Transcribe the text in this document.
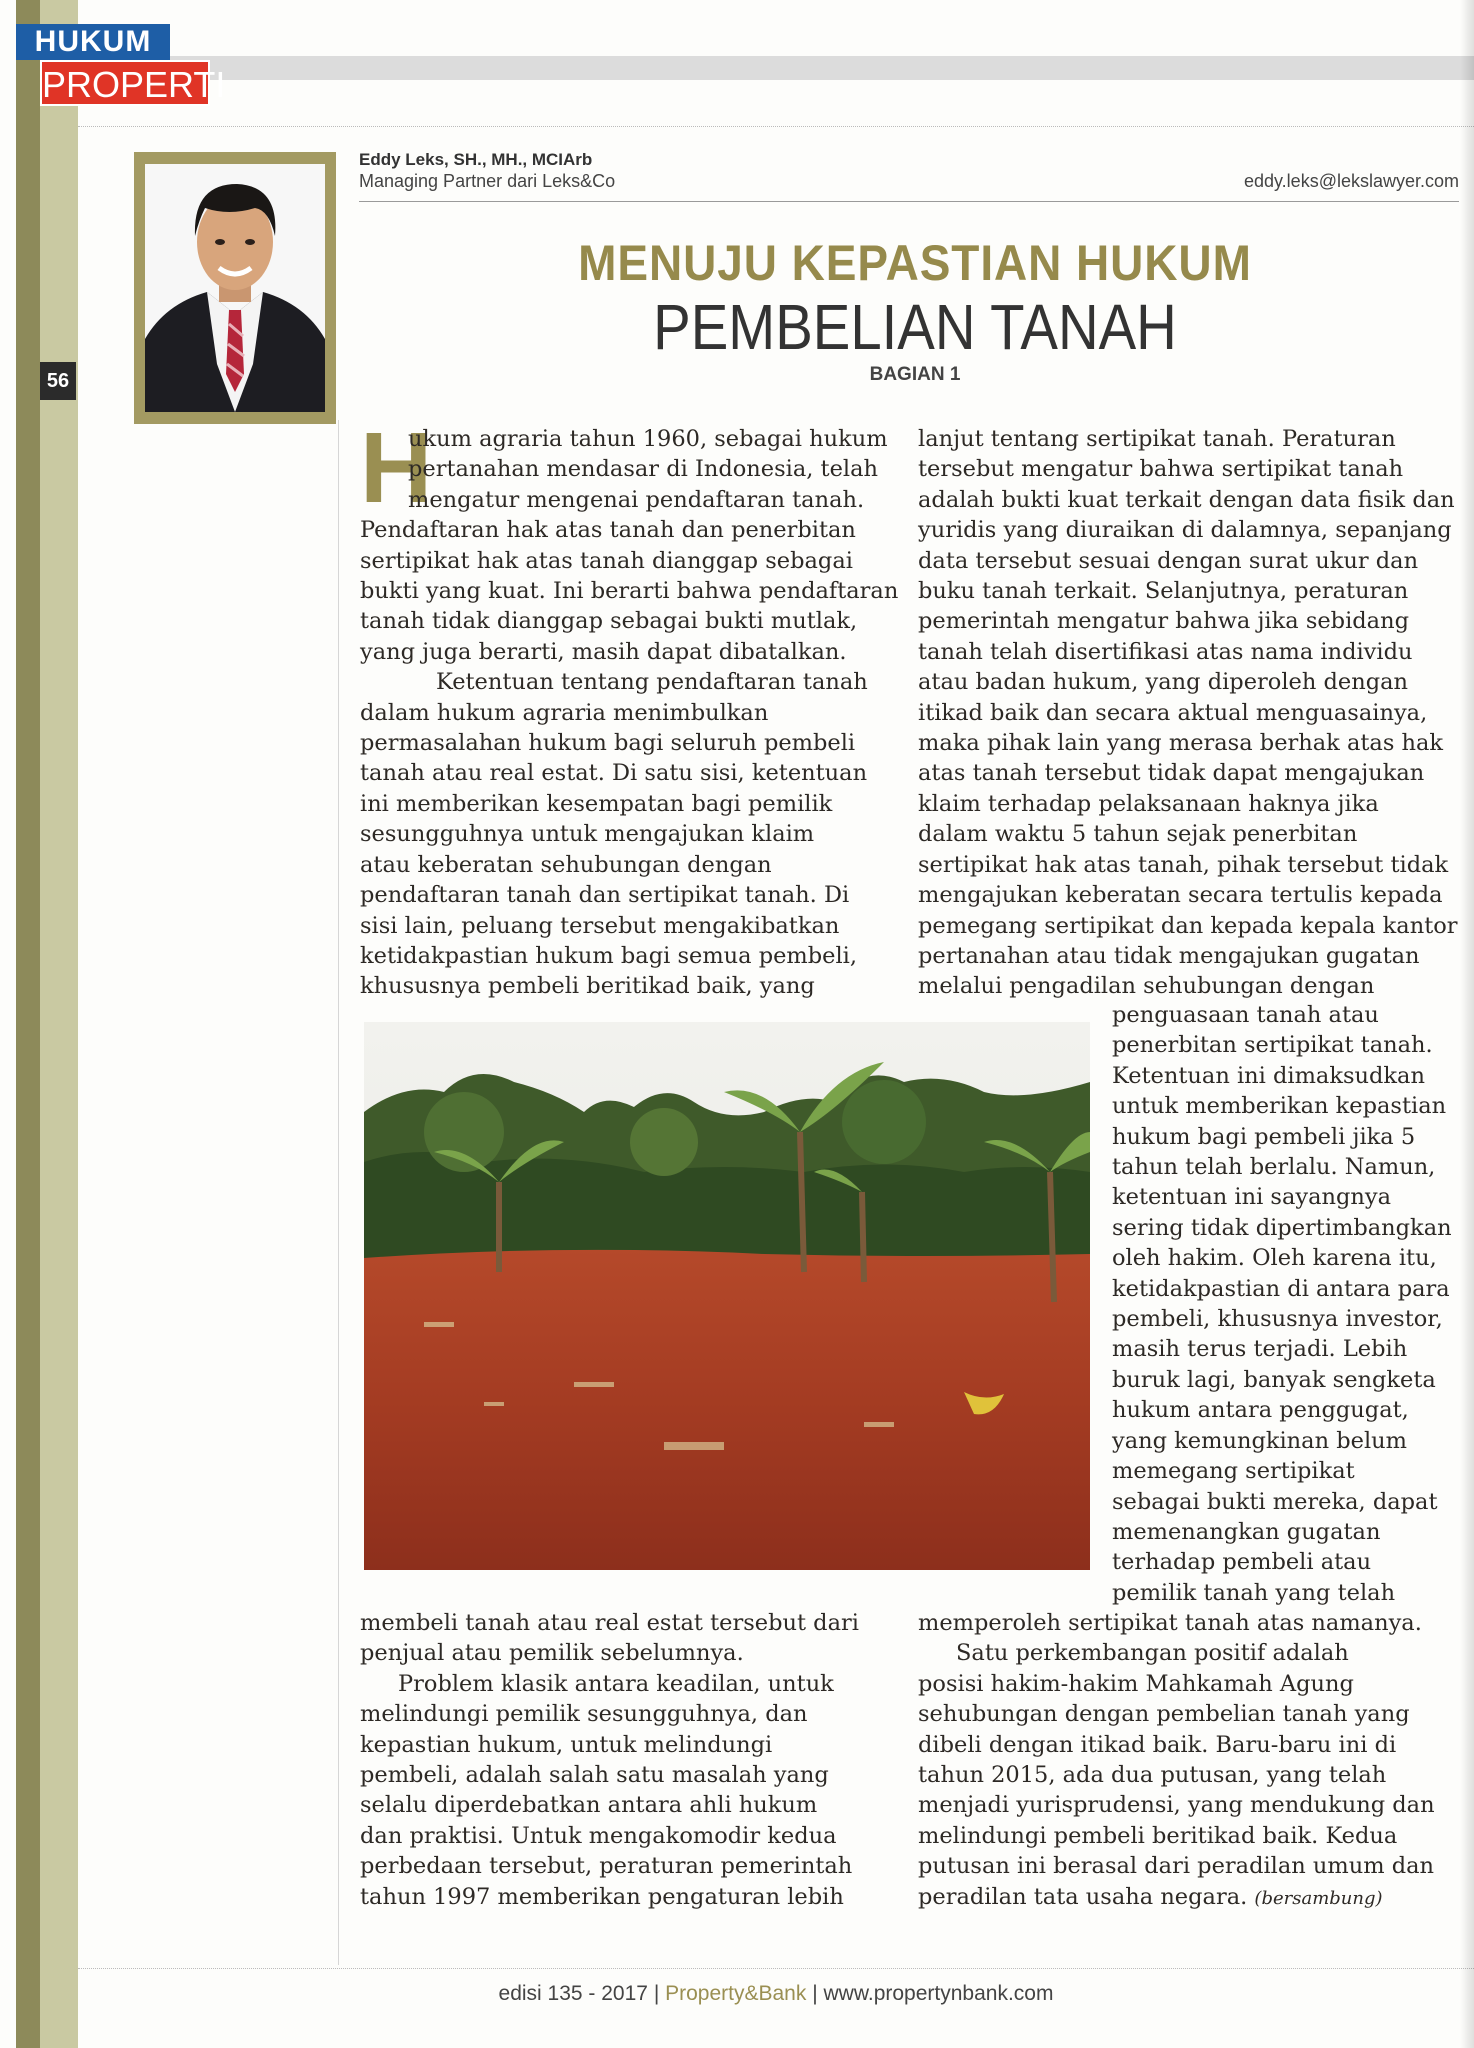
HUKUM
PROPERTI
56
Eddy Leks, SH., MH., MCIArb
Managing Partner dari Leks&Co	eddy.leks@lekslawyer.com
MENUJU KEPASTIAN HUKUM
PEMBELIAN TANAH
BAGIAN 1
H
ukum agraria tahun 1960, sebagai hukum
pertanahan mendasar di Indonesia, telah
mengatur mengenai pendaftaran tanah.
Pendaftaran hak atas tanah dan penerbitan
sertipikat hak atas tanah dianggap sebagai
bukti yang kuat. Ini berarti bahwa pendaftaran
tanah tidak dianggap sebagai bukti mutlak,
yang juga berarti, masih dapat dibatalkan.
Ketentuan tentang pendaftaran tanah
dalam hukum agraria menimbulkan
permasalahan hukum bagi seluruh pembeli
tanah atau real estat. Di satu sisi, ketentuan
ini memberikan kesempatan bagi pemilik
sesungguhnya untuk mengajukan klaim
atau keberatan sehubungan dengan
pendaftaran tanah dan sertipikat tanah. Di
sisi lain, peluang tersebut mengakibatkan
ketidakpastian hukum bagi semua pembeli,
khususnya pembeli beritikad baik, yang
lanjut tentang sertipikat tanah. Peraturan
tersebut mengatur bahwa sertipikat tanah
adalah bukti kuat terkait dengan data fisik dan
yuridis yang diuraikan di dalamnya, sepanjang
data tersebut sesuai dengan surat ukur dan
buku tanah terkait. Selanjutnya, peraturan
pemerintah mengatur bahwa jika sebidang
tanah telah disertifikasi atas nama individu
atau badan hukum, yang diperoleh dengan
itikad baik dan secara aktual menguasainya,
maka pihak lain yang merasa berhak atas hak
atas tanah tersebut tidak dapat mengajukan
klaim terhadap pelaksanaan haknya jika
dalam waktu 5 tahun sejak penerbitan
sertipikat hak atas tanah, pihak tersebut tidak
mengajukan keberatan secara tertulis kepada
pemegang sertipikat dan kepada kepala kantor
pertanahan atau tidak mengajukan gugatan
melalui pengadilan sehubungan dengan
penguasaan tanah atau
penerbitan sertipikat tanah.
Ketentuan ini dimaksudkan
untuk memberikan kepastian
hukum bagi pembeli jika 5
tahun telah berlalu. Namun,
ketentuan ini sayangnya
sering tidak dipertimbangkan
oleh hakim. Oleh karena itu,
ketidakpastian di antara para
pembeli, khususnya investor,
masih terus terjadi. Lebih
buruk lagi, banyak sengketa
hukum antara penggugat,
yang kemungkinan belum
memegang sertipikat
sebagai bukti mereka, dapat
memenangkan gugatan
terhadap pembeli atau
pemilik tanah yang telah
membeli tanah atau real estat tersebut dari
penjual atau pemilik sebelumnya.
Problem klasik antara keadilan, untuk
melindungi pemilik sesungguhnya, dan
kepastian hukum, untuk melindungi
pembeli, adalah salah satu masalah yang
selalu diperdebatkan antara ahli hukum
dan praktisi. Untuk mengakomodir kedua
perbedaan tersebut, peraturan pemerintah
tahun 1997 memberikan pengaturan lebih
memperoleh sertipikat tanah atas namanya.
Satu perkembangan positif adalah
posisi hakim-hakim Mahkamah Agung
sehubungan dengan pembelian tanah yang
dibeli dengan itikad baik. Baru-baru ini di
tahun 2015, ada dua putusan, yang telah
menjadi yurisprudensi, yang mendukung dan
melindungi pembeli beritikad baik. Kedua
putusan ini berasal dari peradilan umum dan
peradilan tata usaha negara. (bersambung)
edisi 135 - 2017 | Property&Bank | www.propertynbank.com
